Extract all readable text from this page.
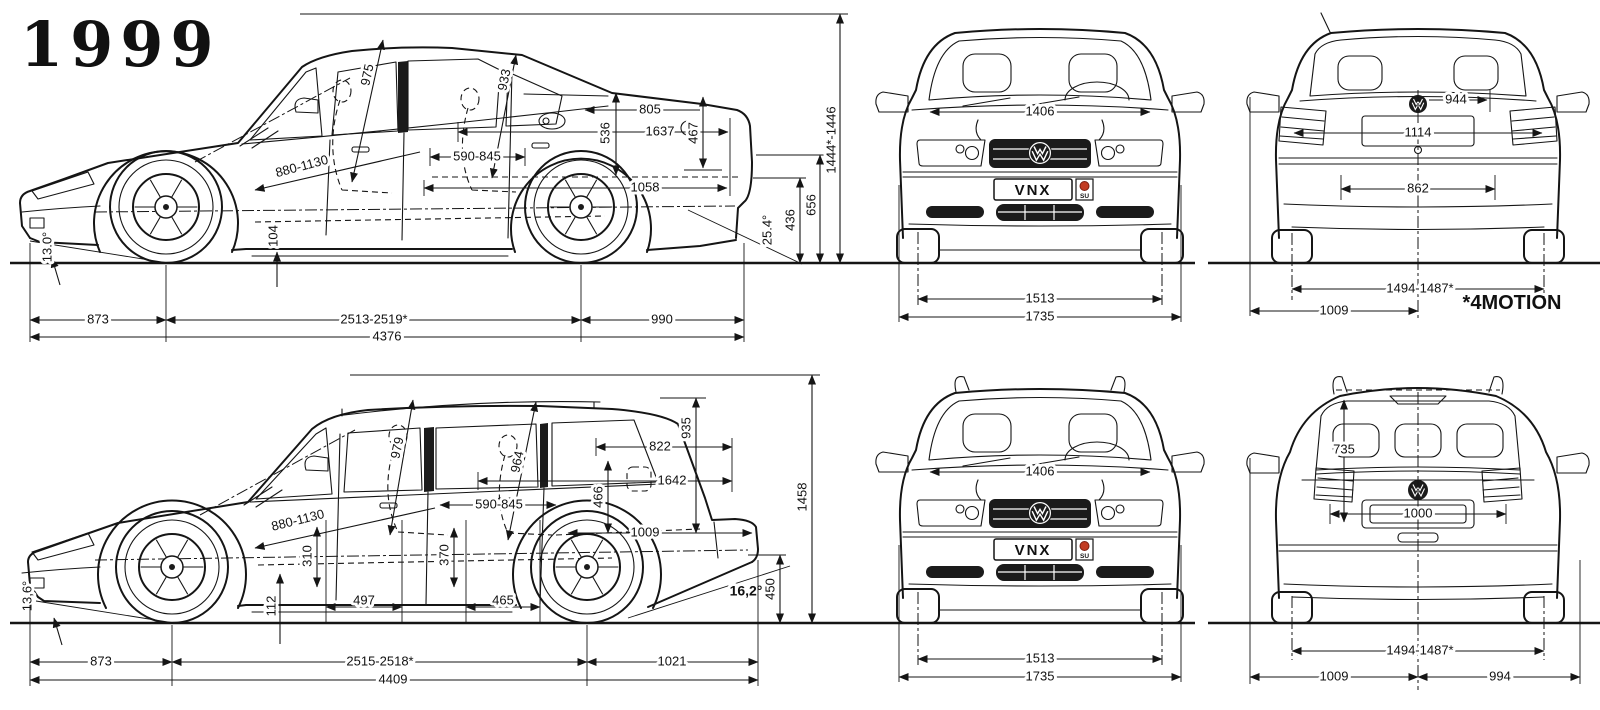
1999	975	933
805
1637
536	467
590-845
880-1130
1058
104
13.0°
25.4° 436
656
1444*-1446
873	2513-2519*	990
4376
VNX	SU
1406
1513
1735
944
1114
862
1494-1487*
1009	*4MOTION
979
964
935
822
1642
466
590-845
880-1130	1009
310	370
112	497	465
450
16,2°
13,6°
1458
873	2515-2518*	1021
4409
VNX	SU
1406
1513
1735
735
1000
1494-1487*
1009	994
